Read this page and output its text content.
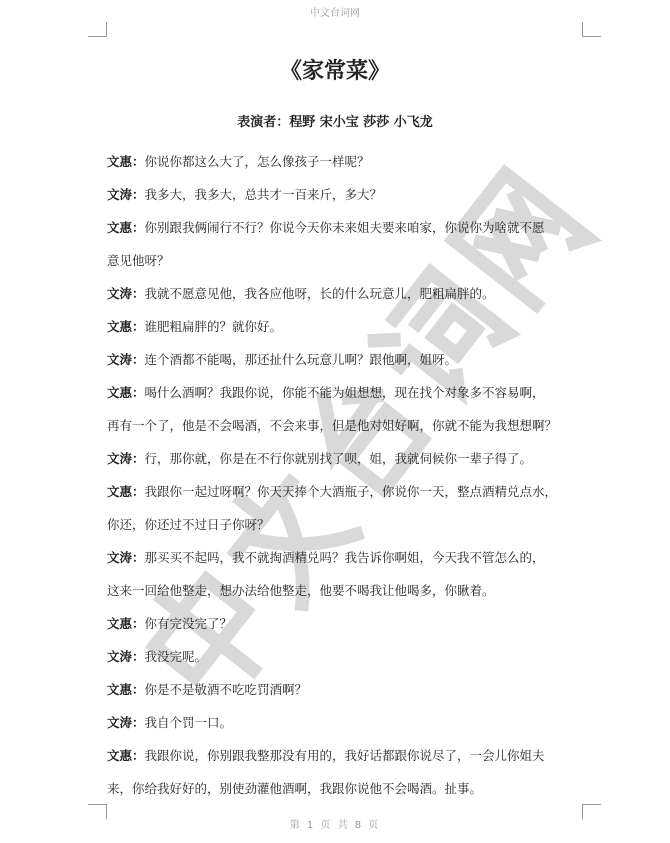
中文台词网
《家常菜》
表演者：程野 宋小宝 莎莎 小飞龙
文惠：你说你都这么大了，怎么像孩子一样呢？
文涛：我多大，我多大，总共才一百来斤，多大？
文惠：你别跟我俩闹行不行？你说今天你未来姐夫要来咱家，你说你为啥就不愿
意见他呀？
文涛：我就不愿意见他，我各应他呀，长的什么玩意儿，肥粗扁胖的。
文惠：谁肥粗扁胖的？就你好。
文涛：连个酒都不能喝，那还扯什么玩意儿啊？跟他啊，姐呀。
文惠：喝什么酒啊？我跟你说，你能不能为姐想想，现在找个对象多不容易啊，
再有一个了，他是不会喝酒，不会来事，但是他对姐好啊，你就不能为我想想啊？
文涛：行，那你就，你是在不行你就别找了呗，姐，我就伺候你一辈子得了。
文惠：我跟你一起过呀啊？你天天捧个大酒瓶子，你说你一天，整点酒精兑点水，
你还，你还过不过日子你呀？
文涛：那买买不起吗，我不就掏酒精兑吗？我告诉你啊姐，今天我不管怎么的，
这来一回给他整走，想办法给他整走，他要不喝我让他喝多，你瞅着。
文惠：你有完没完了？
文涛：我没完呢。
文惠：你是不是敬酒不吃吃罚酒啊？
文涛：我自个罚一口。
文惠：我跟你说，你别跟我整那没有用的，我好话都跟你说尽了，一会儿你姐夫
来，你给我好好的，别使劲灌他酒啊，我跟你说他不会喝酒。扯事。
第 1 页 共 8 页
